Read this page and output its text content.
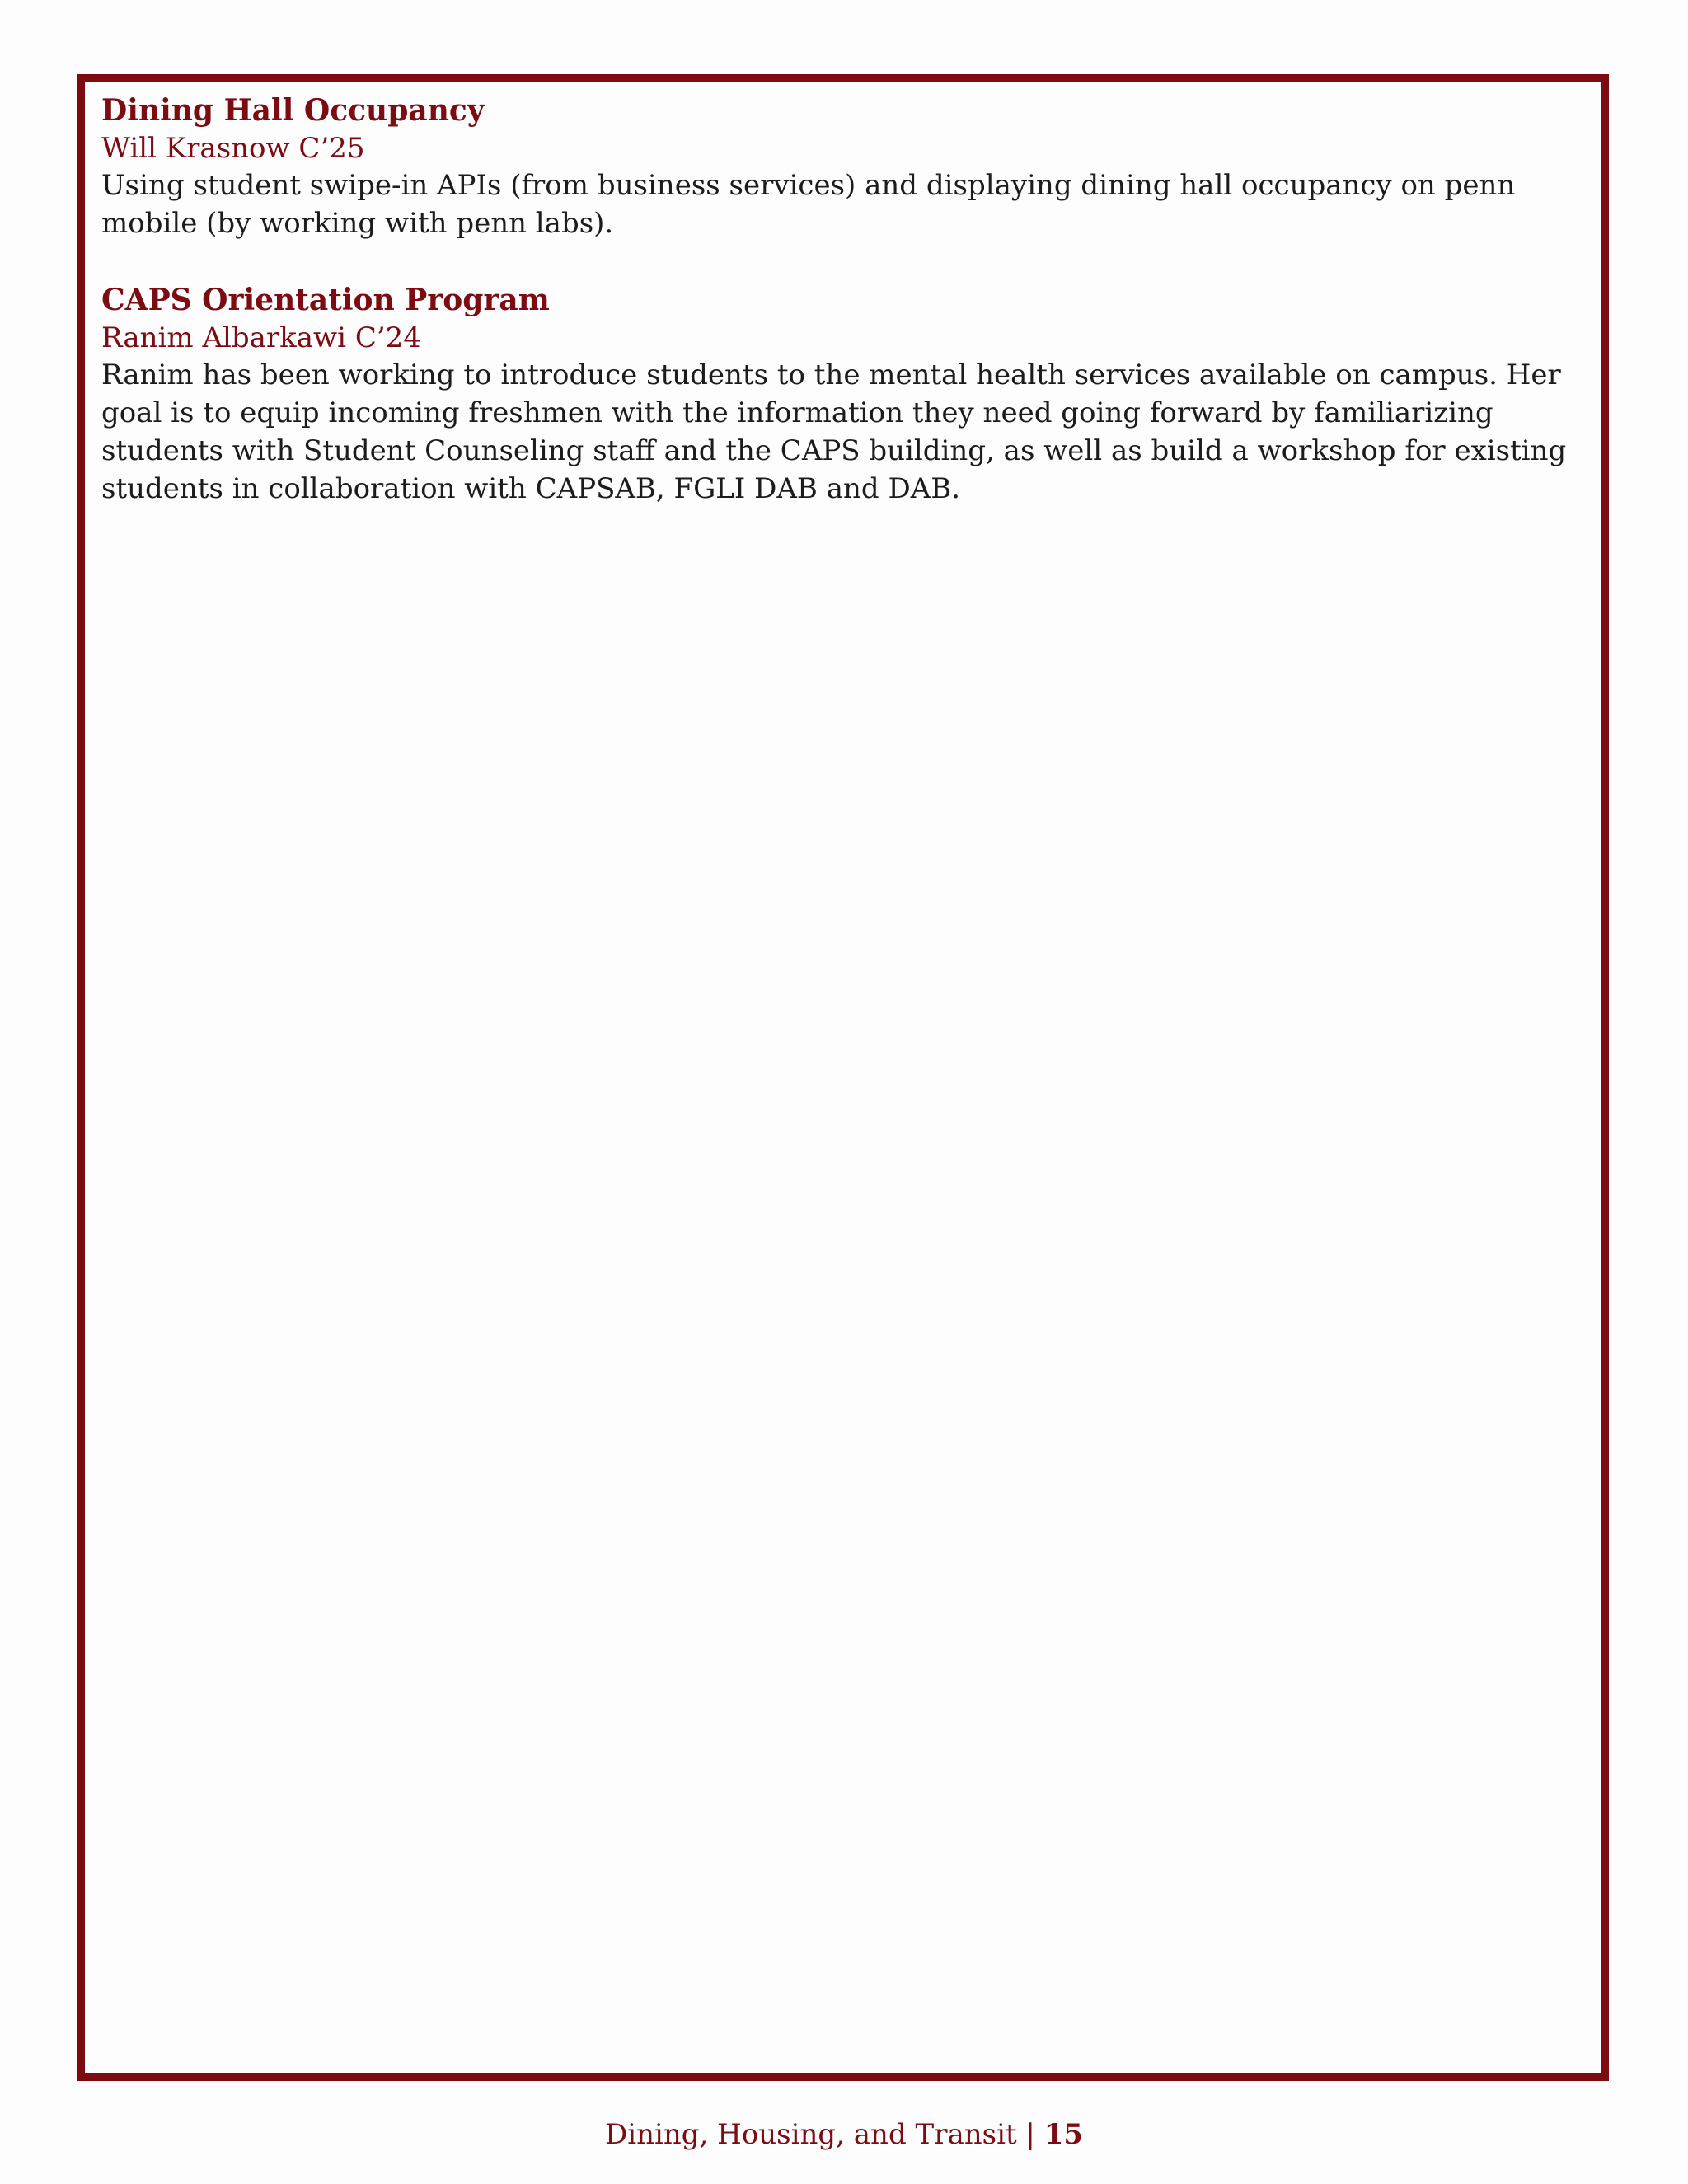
Dining Hall Occupancy
Will Krasnow C’25
Using student swipe-in APIs (from business services) and displaying dining hall occupancy on penn mobile (by working with penn labs).
CAPS Orientation Program
Ranim Albarkawi C’24
Ranim has been working to introduce students to the mental health services available on campus. Her goal is to equip incoming freshmen with the information they need going forward by familiarizing students with Student Counseling staff and the CAPS building, as well as build a workshop for existing students in collaboration with CAPSAB, FGLI DAB and DAB.
Dining, Housing, and Transit | 15
